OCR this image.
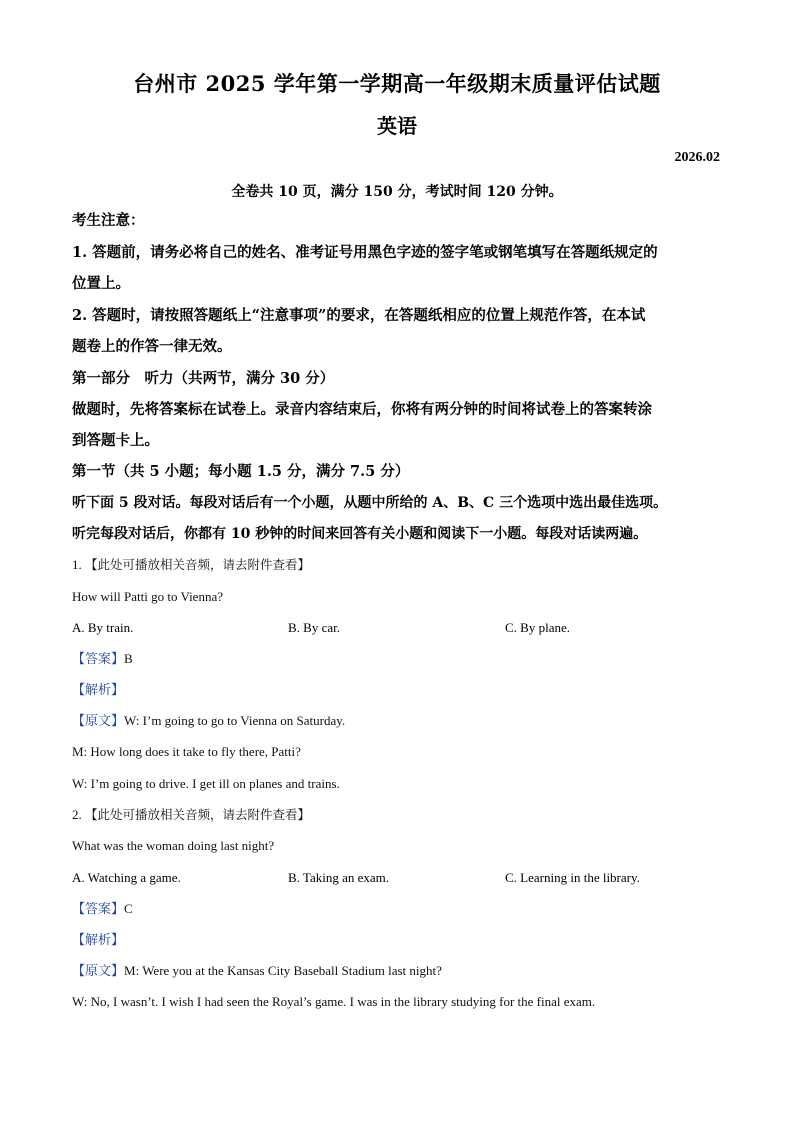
台州市 2025 学年第一学期高一年级期末质量评估试题
英语
2026.02
全卷共 10 页，满分 150 分，考试时间 120 分钟。
考生注意：
1. 答题前，请务必将自己的姓名、准考证号用黑色字迹的签字笔或钢笔填写在答题纸规定的
位置上。
2. 答题时，请按照答题纸上“注意事项”的要求，在答题纸相应的位置上规范作答，在本试
题卷上的作答一律无效。
第一部分　听力（共两节，满分 30 分）
做题时，先将答案标在试卷上。录音内容结束后，你将有两分钟的时间将试卷上的答案转涂
到答题卡上。
第一节（共 5 小题；每小题 1.5 分，满分 7.5 分）
听下面 5 段对话。每段对话后有一个小题，从题中所给的 A、B、C 三个选项中选出最佳选项。
听完每段对话后，你都有 10 秒钟的时间来回答有关小题和阅读下一小题。每段对话读两遍。
1. 【此处可播放相关音频，请去附件查看】
How will Patti go to Vienna?
A. By train.	B. By car.	C. By plane.
【答案】B
【解析】
【原文】W: I’m going to go to Vienna on Saturday.
M: How long does it take to fly there, Patti?
W: I’m going to drive. I get ill on planes and trains.
2. 【此处可播放相关音频，请去附件查看】
What was the woman doing last night?
A. Watching a game.	B. Taking an exam.	C. Learning in the library.
【答案】C
【解析】
【原文】M: Were you at the Kansas City Baseball Stadium last night?
W: No, I wasn’t. I wish I had seen the Royal’s game. I was in the library studying for the final exam.
